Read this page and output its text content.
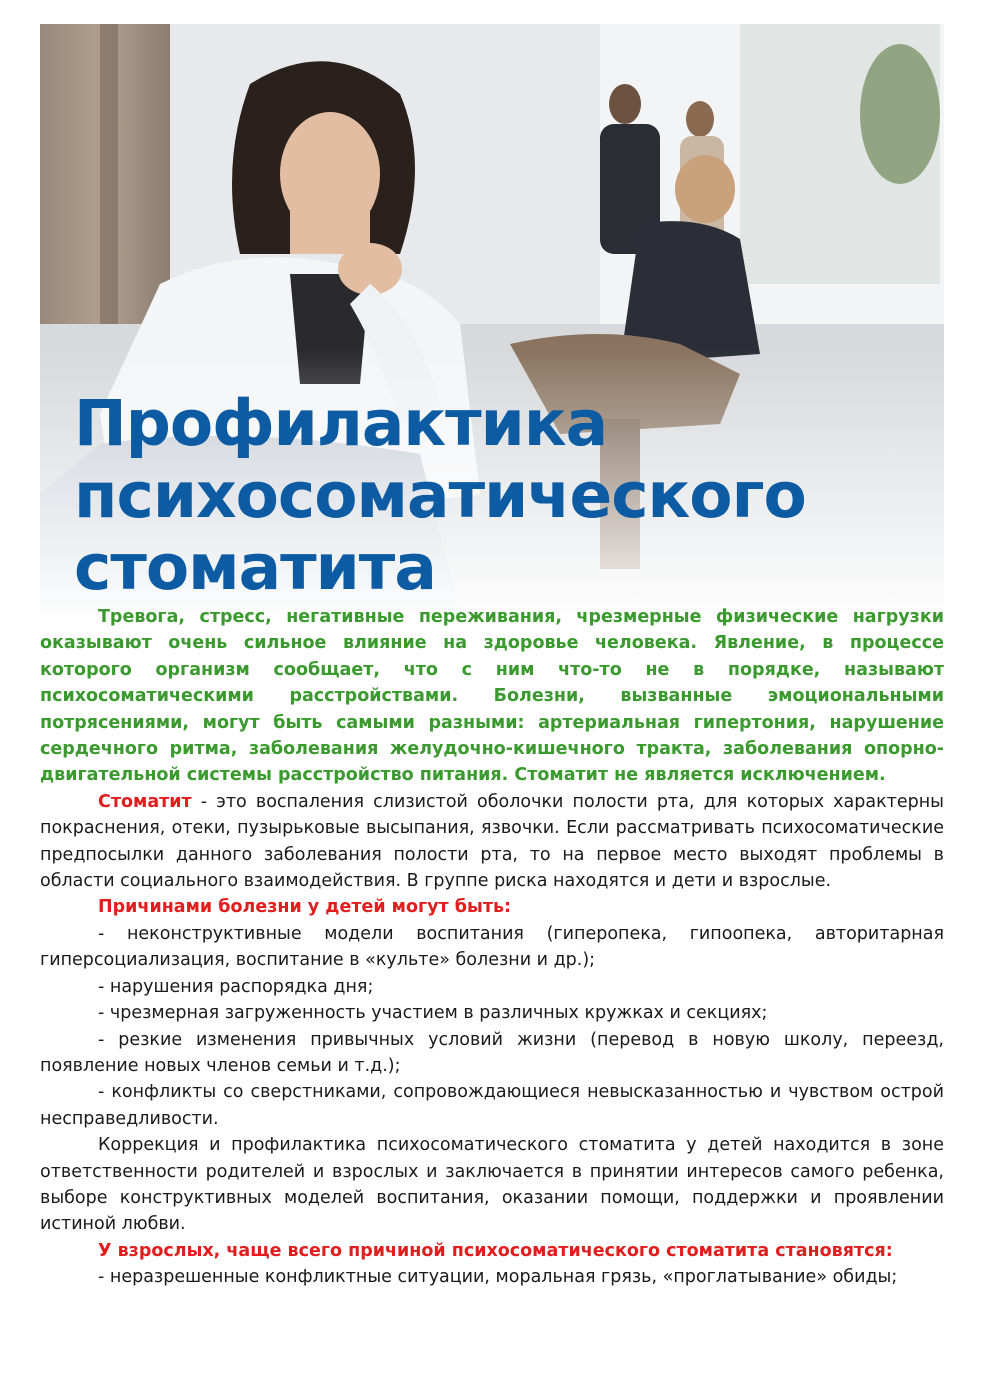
Профилактика
психосоматического
стоматита

Тревога, стресс, негативные переживания, чрезмерные физические нагрузки оказывают очень сильное влияние на здоровье человека. Явление, в процессе которого организм сообщает, что с ним что-то не в порядке, называют психосоматическими расстройствами. Болезни, вызванные эмоциональными потрясениями, могут быть самыми разными: артериальная гипертония, нарушение сердечного ритма, заболевания желудочно-кишечного тракта, заболевания опорно-двигательной системы расстройство питания. Стоматит не является исключением.

Стоматит - это воспаления слизистой оболочки полости рта, для которых характерны покраснения, отеки, пузырьковые высыпания, язвочки. Если рассматривать психосоматические предпосылки данного заболевания полости рта, то на первое место выходят проблемы в области социального взаимодействия. В группе риска находятся и дети и взрослые.

Причинами болезни у детей могут быть:

- неконструктивные модели воспитания (гиперопека, гипоопека, авторитарная гиперсоциализация, воспитание в «культе» болезни и др.);

- нарушения распорядка дня;

- чрезмерная загруженность участием в различных кружках и секциях;

- резкие изменения привычных условий жизни (перевод в новую школу, переезд, появление новых членов семьи и т.д.);

- конфликты со сверстниками, сопровождающиеся невысказанностью и чувством острой несправедливости.

Коррекция и профилактика психосоматического стоматита у детей находится в зоне ответственности родителей и взрослых и заключается в принятии интересов самого ребенка, выборе конструктивных моделей воспитания, оказании помощи, поддержки и проявлении истиной любви.

У взрослых, чаще всего причиной психосоматического стоматита становятся:

- неразрешенные конфликтные ситуации, моральная грязь, «проглатывание» обиды;
